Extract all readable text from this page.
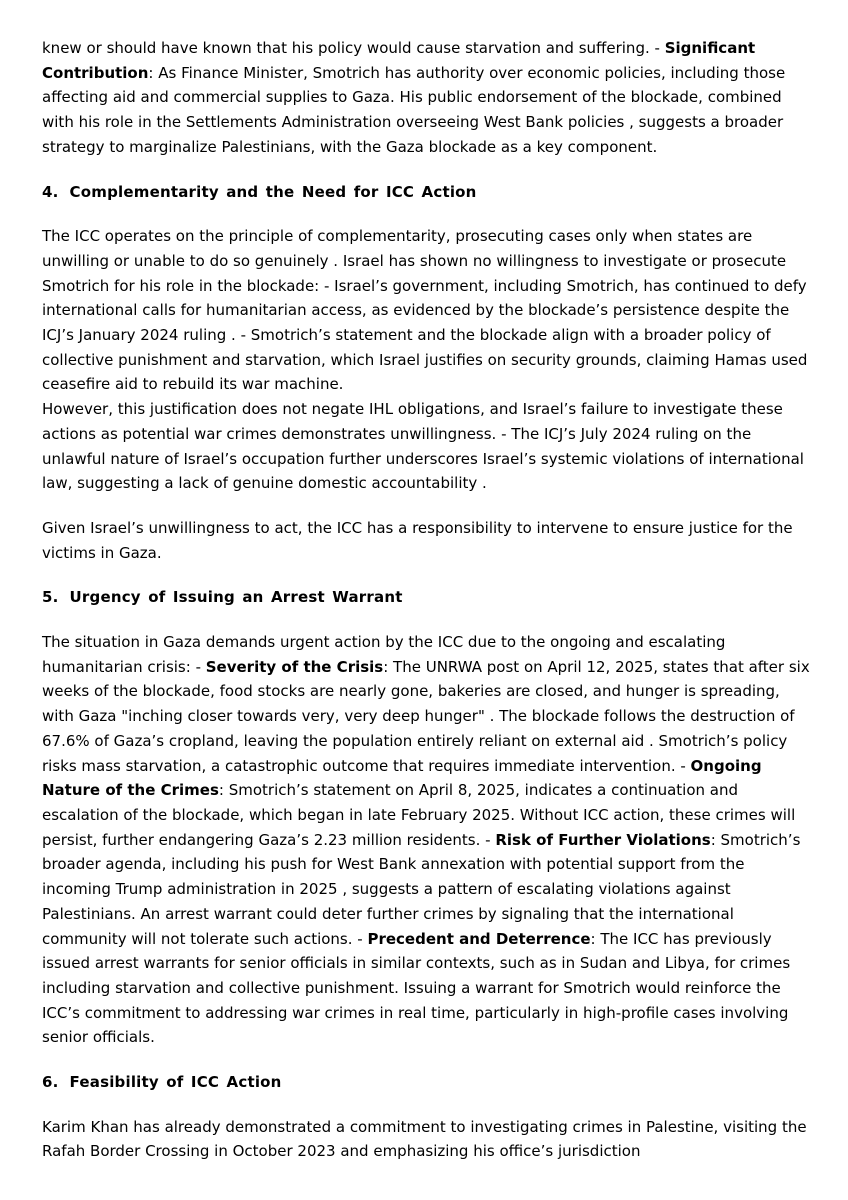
knew or should have known that his policy would cause starvation and suffering. - Significant Contribution: As Finance Minister, Smotrich has authority over economic policies, including those affecting aid and commercial supplies to Gaza. His public endorsement of the blockade, combined with his role in the Settlements Administration overseeing West Bank policies , suggests a broader strategy to marginalize Palestinians, with the Gaza blockade as a key component.

4. Complementarity and the Need for ICC Action

The ICC operates on the principle of complementarity, prosecuting cases only when states are unwilling or unable to do so genuinely . Israel has shown no willingness to investigate or prosecute Smotrich for his role in the blockade: - Israel’s government, including Smotrich, has continued to defy international calls for humanitarian access, as evidenced by the blockade’s persistence despite the ICJ’s January 2024 ruling . - Smotrich’s statement and the blockade align with a broader policy of collective punishment and starvation, which Israel justifies on security grounds, claiming Hamas used ceasefire aid to rebuild its war machine.
However, this justification does not negate IHL obligations, and Israel’s failure to investigate these actions as potential war crimes demonstrates unwillingness. - The ICJ’s July 2024 ruling on the unlawful nature of Israel’s occupation further underscores Israel’s systemic violations of international law, suggesting a lack of genuine domestic accountability .

Given Israel’s unwillingness to act, the ICC has a responsibility to intervene to ensure justice for the victims in Gaza.

5. Urgency of Issuing an Arrest Warrant

The situation in Gaza demands urgent action by the ICC due to the ongoing and escalating humanitarian crisis: - Severity of the Crisis: The UNRWA post on April 12, 2025, states that after six weeks of the blockade, food stocks are nearly gone, bakeries are closed, and hunger is spreading, with Gaza "inching closer towards very, very deep hunger" . The blockade follows the destruction of 67.6% of Gaza’s cropland, leaving the population entirely reliant on external aid . Smotrich’s policy risks mass starvation, a catastrophic outcome that requires immediate intervention. - Ongoing Nature of the Crimes: Smotrich’s statement on April 8, 2025, indicates a continuation and escalation of the blockade, which began in late February 2025. Without ICC action, these crimes will persist, further endangering Gaza’s 2.23 million residents. - Risk of Further Violations: Smotrich’s broader agenda, including his push for West Bank annexation with potential support from the incoming Trump administration in 2025 , suggests a pattern of escalating violations against Palestinians. An arrest warrant could deter further crimes by signaling that the international community will not tolerate such actions. - Precedent and Deterrence: The ICC has previously issued arrest warrants for senior officials in similar contexts, such as in Sudan and Libya, for crimes including starvation and collective punishment. Issuing a warrant for Smotrich would reinforce the ICC’s commitment to addressing war crimes in real time, particularly in high-profile cases involving senior officials.

6. Feasibility of ICC Action

Karim Khan has already demonstrated a commitment to investigating crimes in Palestine, visiting the Rafah Border Crossing in October 2023 and emphasizing his office’s jurisdiction
